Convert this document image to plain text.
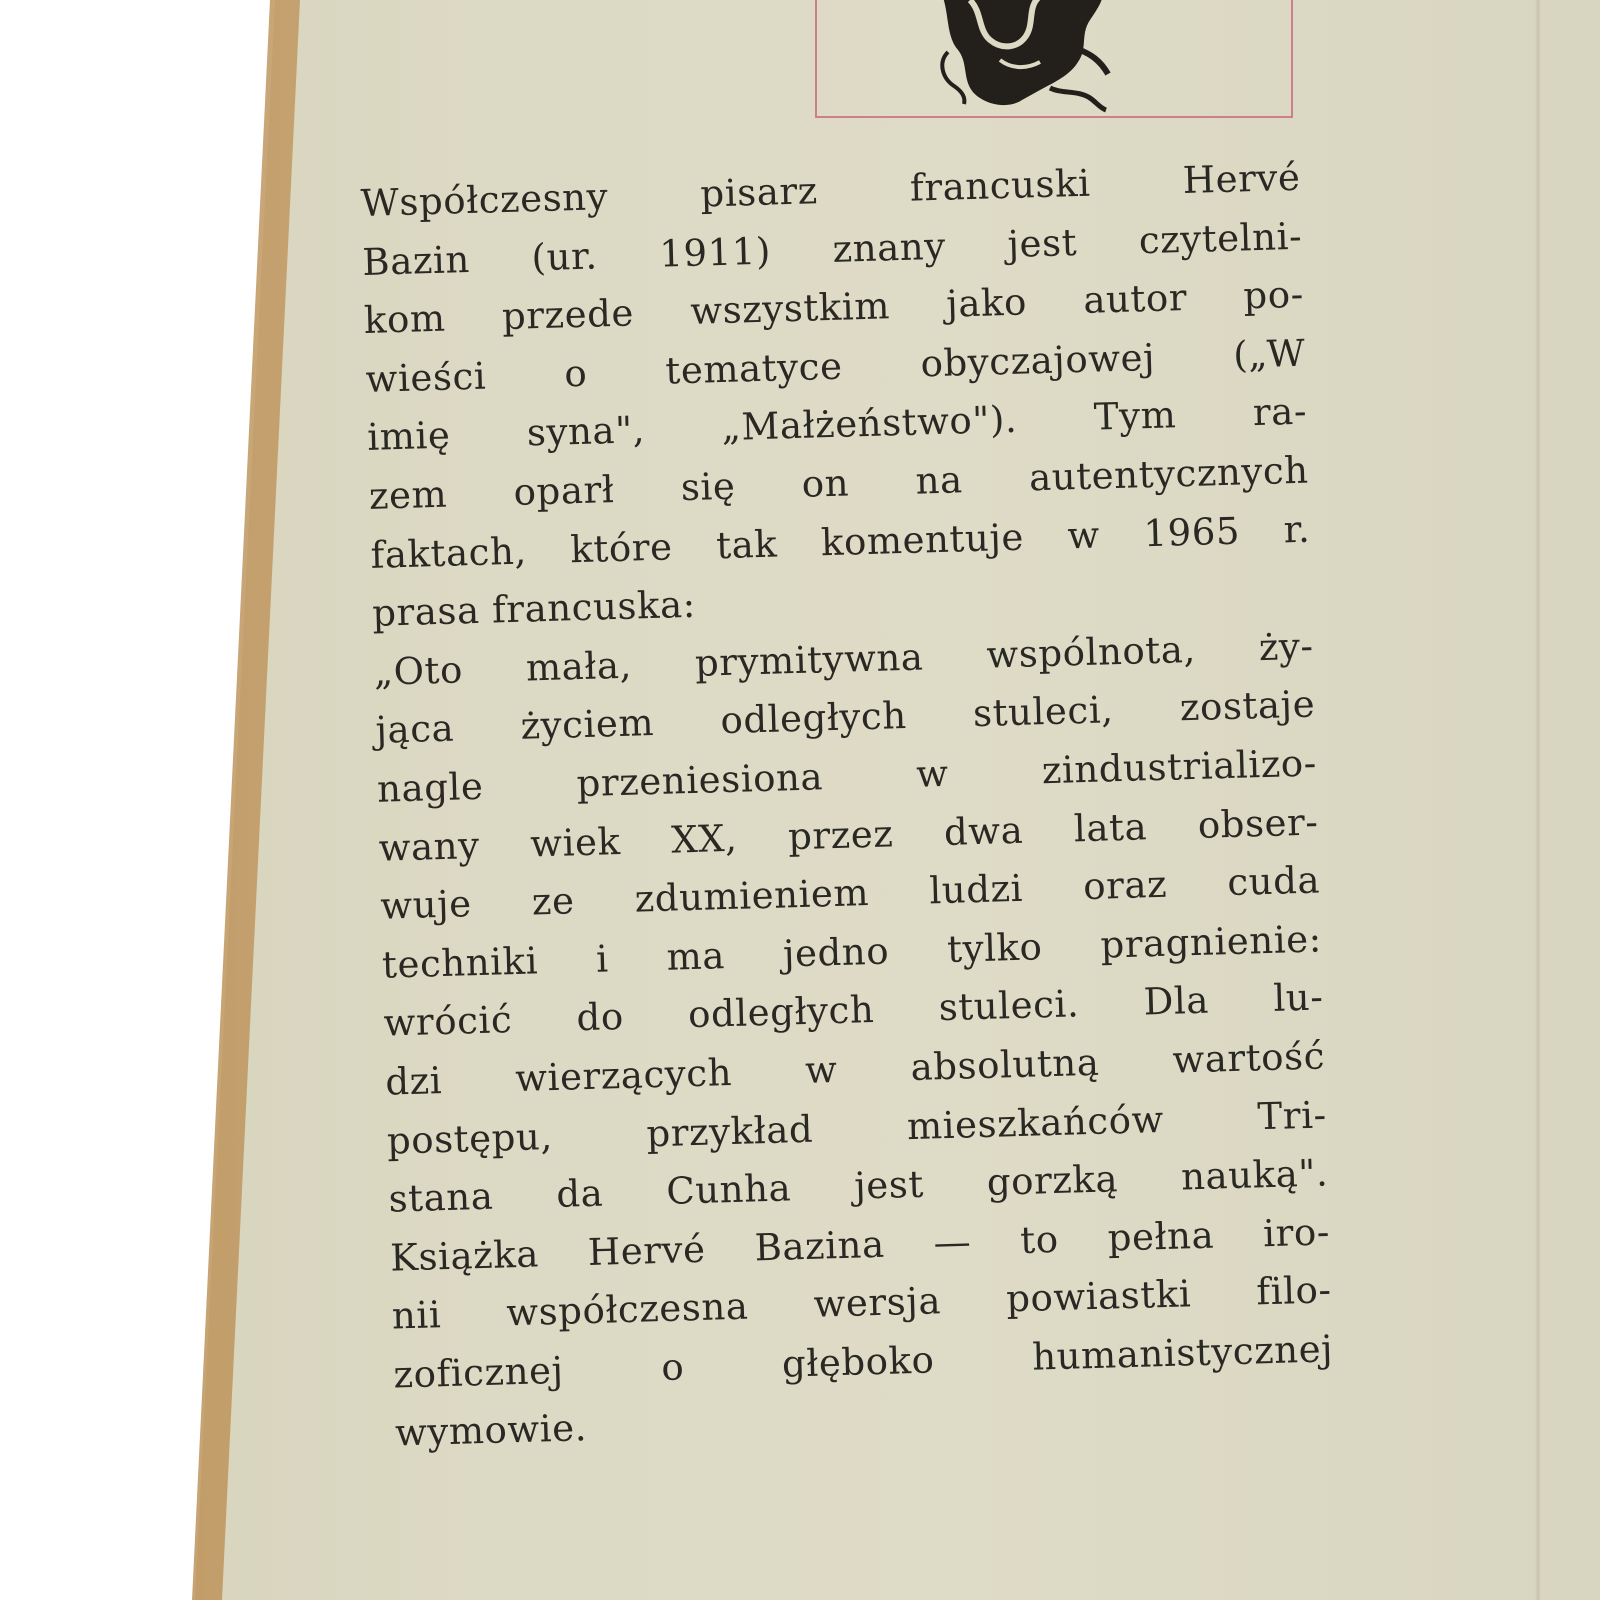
Współczesny pisarz francuski Hervé
Bazin (ur. 1911) znany jest czytelni-
kom przede wszystkim jako autor po-
wieści o tematyce obyczajowej („W
imię syna", „Małżeństwo"). Tym ra-
zem oparł się on na autentycznych
faktach, które tak komentuje w 1965 r.
prasa francuska:
„Oto mała, prymitywna wspólnota, ży-
jąca życiem odległych stuleci, zostaje
nagle przeniesiona w zindustrializo-
wany wiek XX, przez dwa lata obser-
wuje ze zdumieniem ludzi oraz cuda
techniki i ma jedno tylko pragnienie:
wrócić do odległych stuleci. Dla lu-
dzi wierzących w absolutną wartość
postępu, przykład mieszkańców Tri-
stana da Cunha jest gorzką nauką".
Książka Hervé Bazina — to pełna iro-
nii współczesna wersja powiastki filo-
zoficznej o głęboko humanistycznej
wymowie.
